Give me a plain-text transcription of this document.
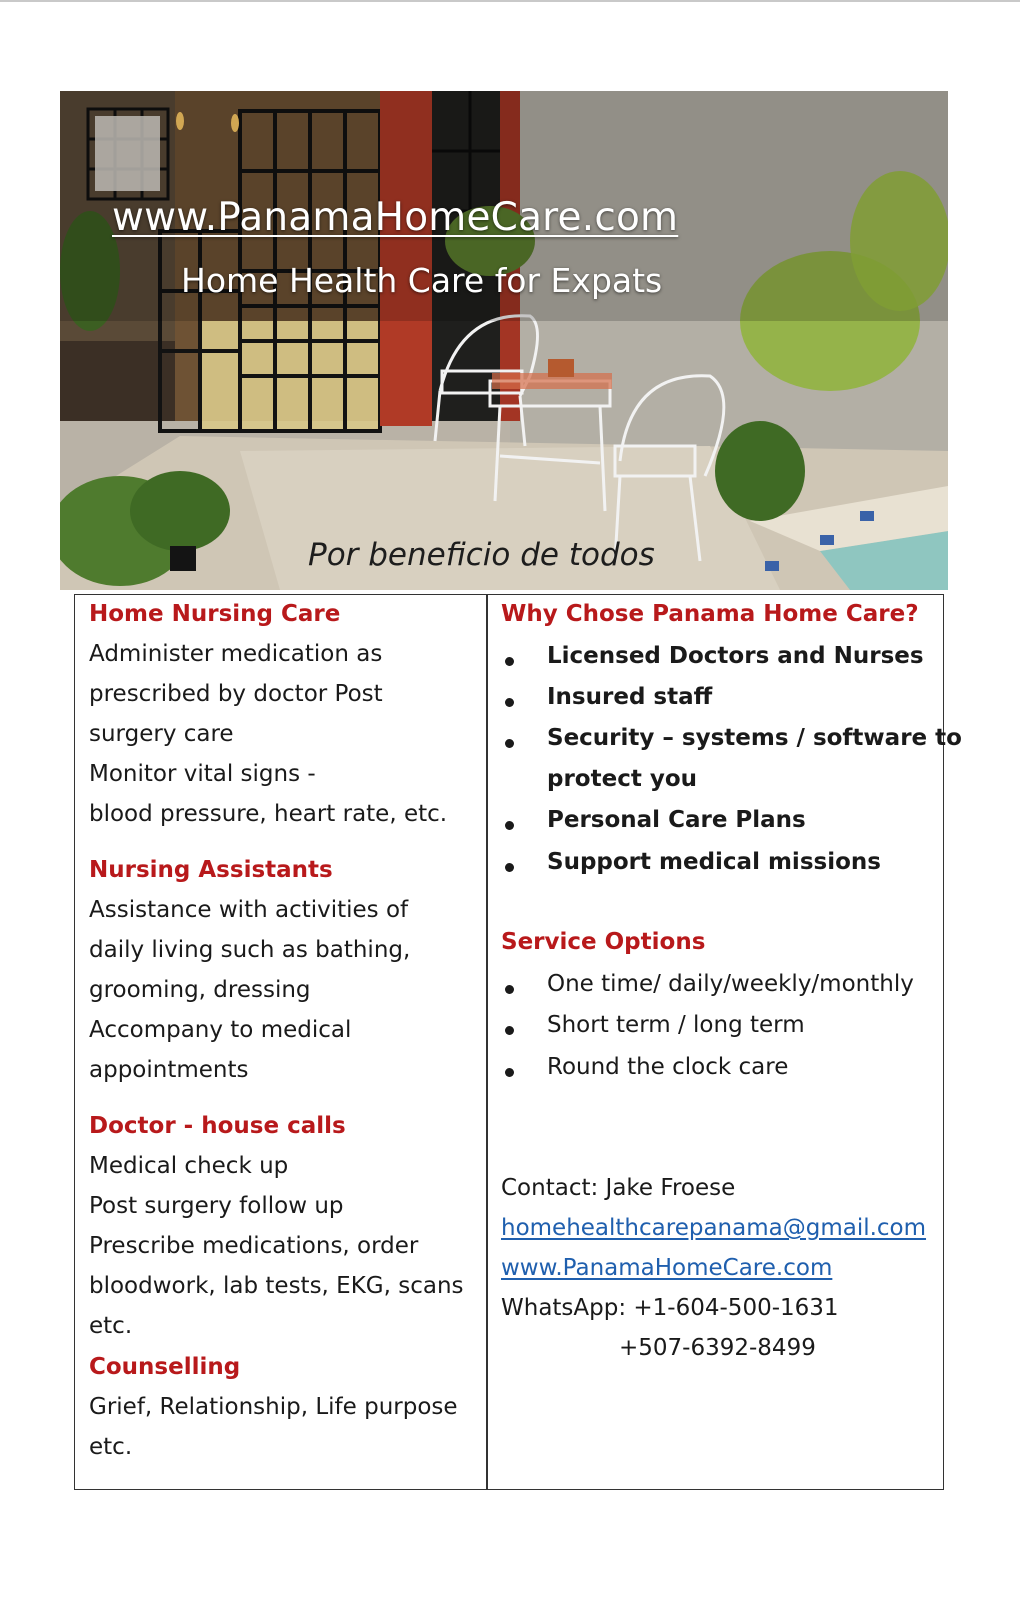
www.PanamaHomeCare.com
Home Health Care for Expats
Por beneficio de todos
Home Nursing Care
Administer medication as
prescribed by doctor Post
surgery care
Monitor vital signs -
blood pressure, heart rate, etc.
Nursing Assistants
Assistance with activities of
daily living such as bathing,
grooming, dressing
Accompany to medical
appointments
Doctor - house calls
Medical check up
Post surgery follow up
Prescribe medications, order
bloodwork, lab tests, EKG, scans
etc.
Counselling
Grief, Relationship, Life purpose
etc.
Why Chose Panama Home Care?
Licensed Doctors and Nurses
Insured staff
Security – systems / software to
protect you
Personal Care Plans
Support medical missions
Service Options
One time/ daily/weekly/monthly
Short term / long term
Round the clock care
Contact: Jake Froese
homehealthcarepanama@gmail.com
www.PanamaHomeCare.com
WhatsApp: +1-604-500-1631
+507-6392-8499
